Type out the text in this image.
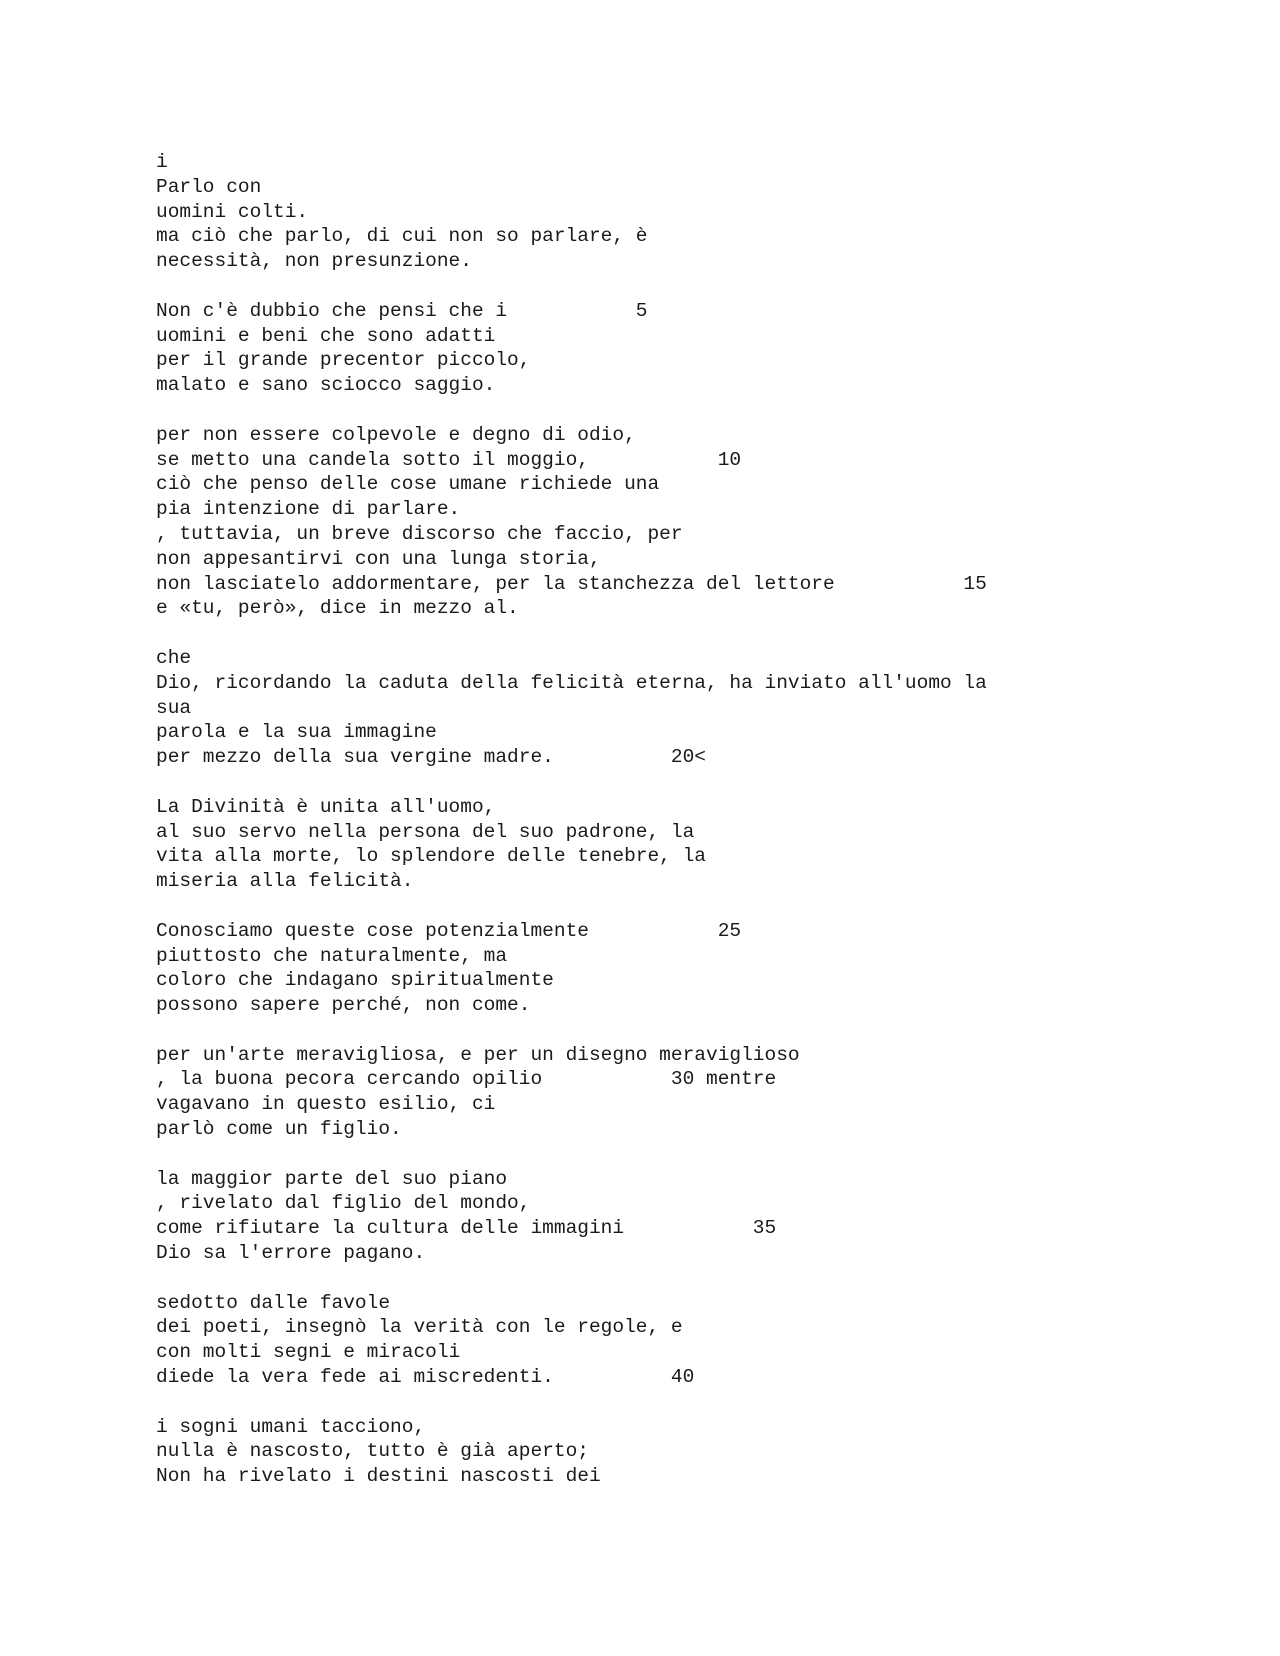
i
Parlo con
uomini colti.
ma ciò che parlo, di cui non so parlare, è
necessità, non presunzione.
Non c'è dubbio che pensi che i           5
uomini e beni che sono adatti
per il grande precentor piccolo,
malato e sano sciocco saggio.
per non essere colpevole e degno di odio,
se metto una candela sotto il moggio,           10
ciò che penso delle cose umane richiede una
pia intenzione di parlare.
, tuttavia, un breve discorso che faccio, per
non appesantirvi con una lunga storia,
non lasciatelo addormentare, per la stanchezza del lettore           15
e «tu, però», dice in mezzo al.
che
Dio, ricordando la caduta della felicità eterna, ha inviato all'uomo la
sua
parola e la sua immagine
per mezzo della sua vergine madre.          20<
La Divinità è unita all'uomo,
al suo servo nella persona del suo padrone, la
vita alla morte, lo splendore delle tenebre, la
miseria alla felicità.
Conosciamo queste cose potenzialmente           25
piuttosto che naturalmente, ma
coloro che indagano spiritualmente
possono sapere perché, non come.
per un'arte meravigliosa, e per un disegno meraviglioso
, la buona pecora cercando opilio           30 mentre
vagavano in questo esilio, ci
parlò come un figlio.
la maggior parte del suo piano
, rivelato dal figlio del mondo,
come rifiutare la cultura delle immagini           35
Dio sa l'errore pagano.
sedotto dalle favole
dei poeti, insegnò la verità con le regole, e
con molti segni e miracoli
diede la vera fede ai miscredenti.          40
i sogni umani tacciono,
nulla è nascosto, tutto è già aperto;
Non ha rivelato i destini nascosti dei
